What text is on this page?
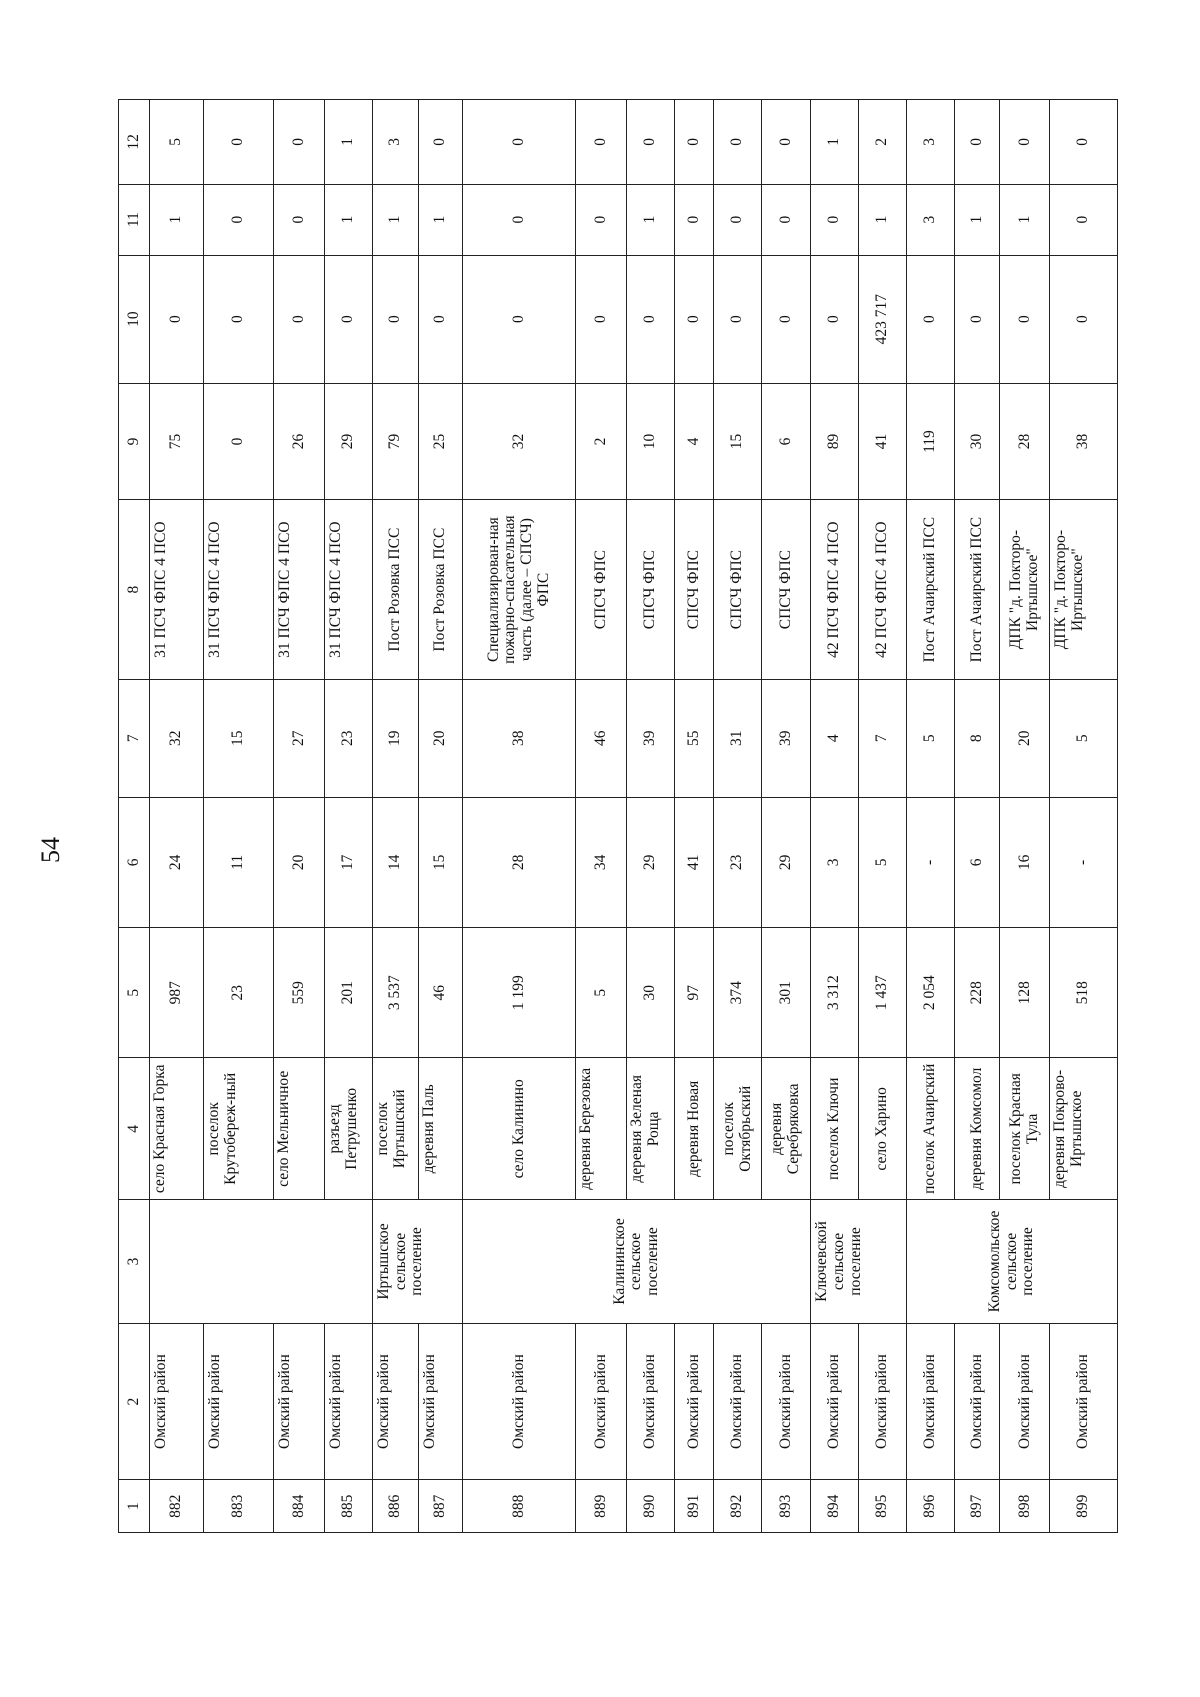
54
1	2	3	4	5	6	7	8	9	10	11	12
882	Омский район		село Красная Горка	987	24	32	31 ПСЧ ФПС 4 ПСО	75	0	1	5
883	Омский район		поселок Крутобереж-ный	23	11	15	31 ПСЧ ФПС 4 ПСО	0	0	0	0
884	Омский район		село Мельничное	559	20	27	31 ПСЧ ФПС 4 ПСО	26	0	0	0
885	Омский район		разъезд Петрушенко	201	17	23	31 ПСЧ ФПС 4 ПСО	29	0	1	1
886	Омский район	Иртышское сельское поселение	поселок Иртышский	3 537	14	19	Пост Розовка ПСС	79	0	1	3
887	Омский район		деревня Паль	46	15	20	Пост Розовка ПСС	25	0	1	0
888	Омский район	Калининское сельское поселение	село Калинино	1 199	28	38	Специализирован-ная пожарно-спасательная часть (далее – СПСЧ) ФПС	32	0	0	0
889	Омский район		деревня Березовка	5	34	46	СПСЧ ФПС	2	0	0	0
890	Омский район		деревня Зеленая Роща	30	29	39	СПСЧ ФПС	10	0	1	0
891	Омский район		деревня Новая	97	41	55	СПСЧ ФПС	4	0	0	0
892	Омский район		поселок Октябрьский	374	23	31	СПСЧ ФПС	15	0	0	0
893	Омский район		деревня Серебряковка	301	29	39	СПСЧ ФПС	6	0	0	0
894	Омский район	Ключевской сельское поселение	поселок Ключи	3 312	3	4	42 ПСЧ ФПС 4 ПСО	89	0	0	1
895	Омский район		село Харино	1 437	5	7	42 ПСЧ ФПС 4 ПСО	41	423 717	1	2
896	Омский район	Комсомольское сельское поселение	поселок Ачаирский	2 054	-	5	Пост Ачаирский ПСС	119	0	3	3
897	Омский район		деревня Комсомол	228	6	8	Пост Ачаирский ПСС	30	0	1	0
898	Омский район		поселок Красная Тула	128	16	20	ДПК "д. Покторо-Иртышское"	28	0	1	0
899	Омский район		деревня Покрово-Иртышское	518	-	5	ДПК "д. Покторо-Иртышское"	38	0	0	0
